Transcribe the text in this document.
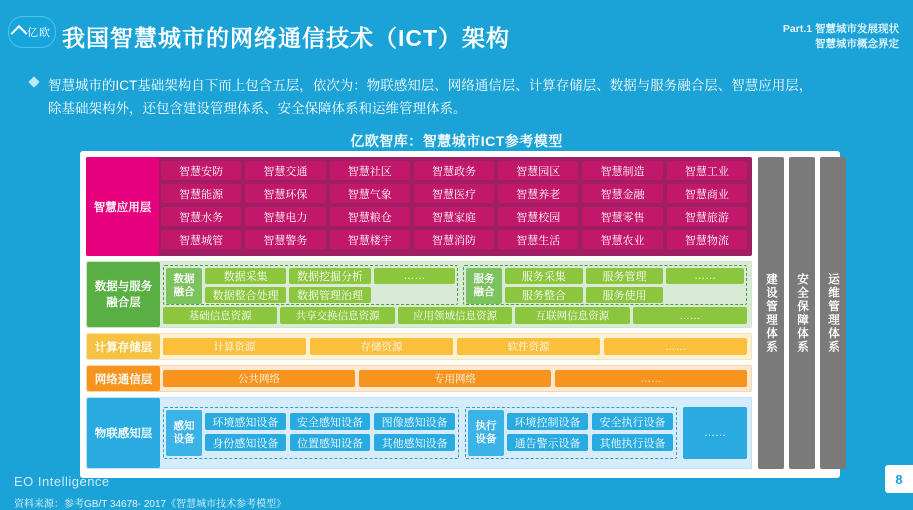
亿欧 我国智慧城市的网络通信技术（ICT）架构	Part.1 智慧城市发展现状
智慧城市概念界定
智慧城市的ICT基础架构自下而上包含五层，依次为：物联感知层、网络通信层、计算存储层、数据与服务融合层、智慧应用层，
除基础架构外，还包含建设管理体系、安全保障体系和运维管理体系。
亿欧智库：智慧城市ICT参考模型
智慧应用层
智慧安防	智慧交通	智慧社区	智慧政务	智慧园区	智慧制造	智慧工业
智慧能源	智慧环保	智慧气象	智慧医疗	智慧养老	智慧金融	智慧商业
智慧水务	智慧电力	智慧粮仓	智慧家庭	智慧校园	智慧零售	智慧旅游
智慧城管	智慧警务	智慧楼宇	智慧消防	智慧生活	智慧农业	智慧物流
数据与服务
融合层
数据
融合
数据采集	数据挖掘分析	……
数据整合处理	数据管理治理
服务
融合
服务采集	服务管理	……
服务整合	服务使用
基础信息资源	共享交换信息资源	应用领域信息资源	互联网信息资源	……
计算存储层	计算资源	存储资源	软件资源	……
网络通信层	公共网络	专用网络	……
物联感知层
感知
设备
环境感知设备	安全感知设备	图像感知设备
身份感知设备	位置感知设备	其他感知设备
执行
设备
环境控制设备	安全执行设备
通告警示设备	其他执行设备
……
建设管理体系 安全保障体系 运维管理体系
EO Intelligence
资料来源：参考GB/T 34678- 2017《智慧城市技术参考模型》
8
